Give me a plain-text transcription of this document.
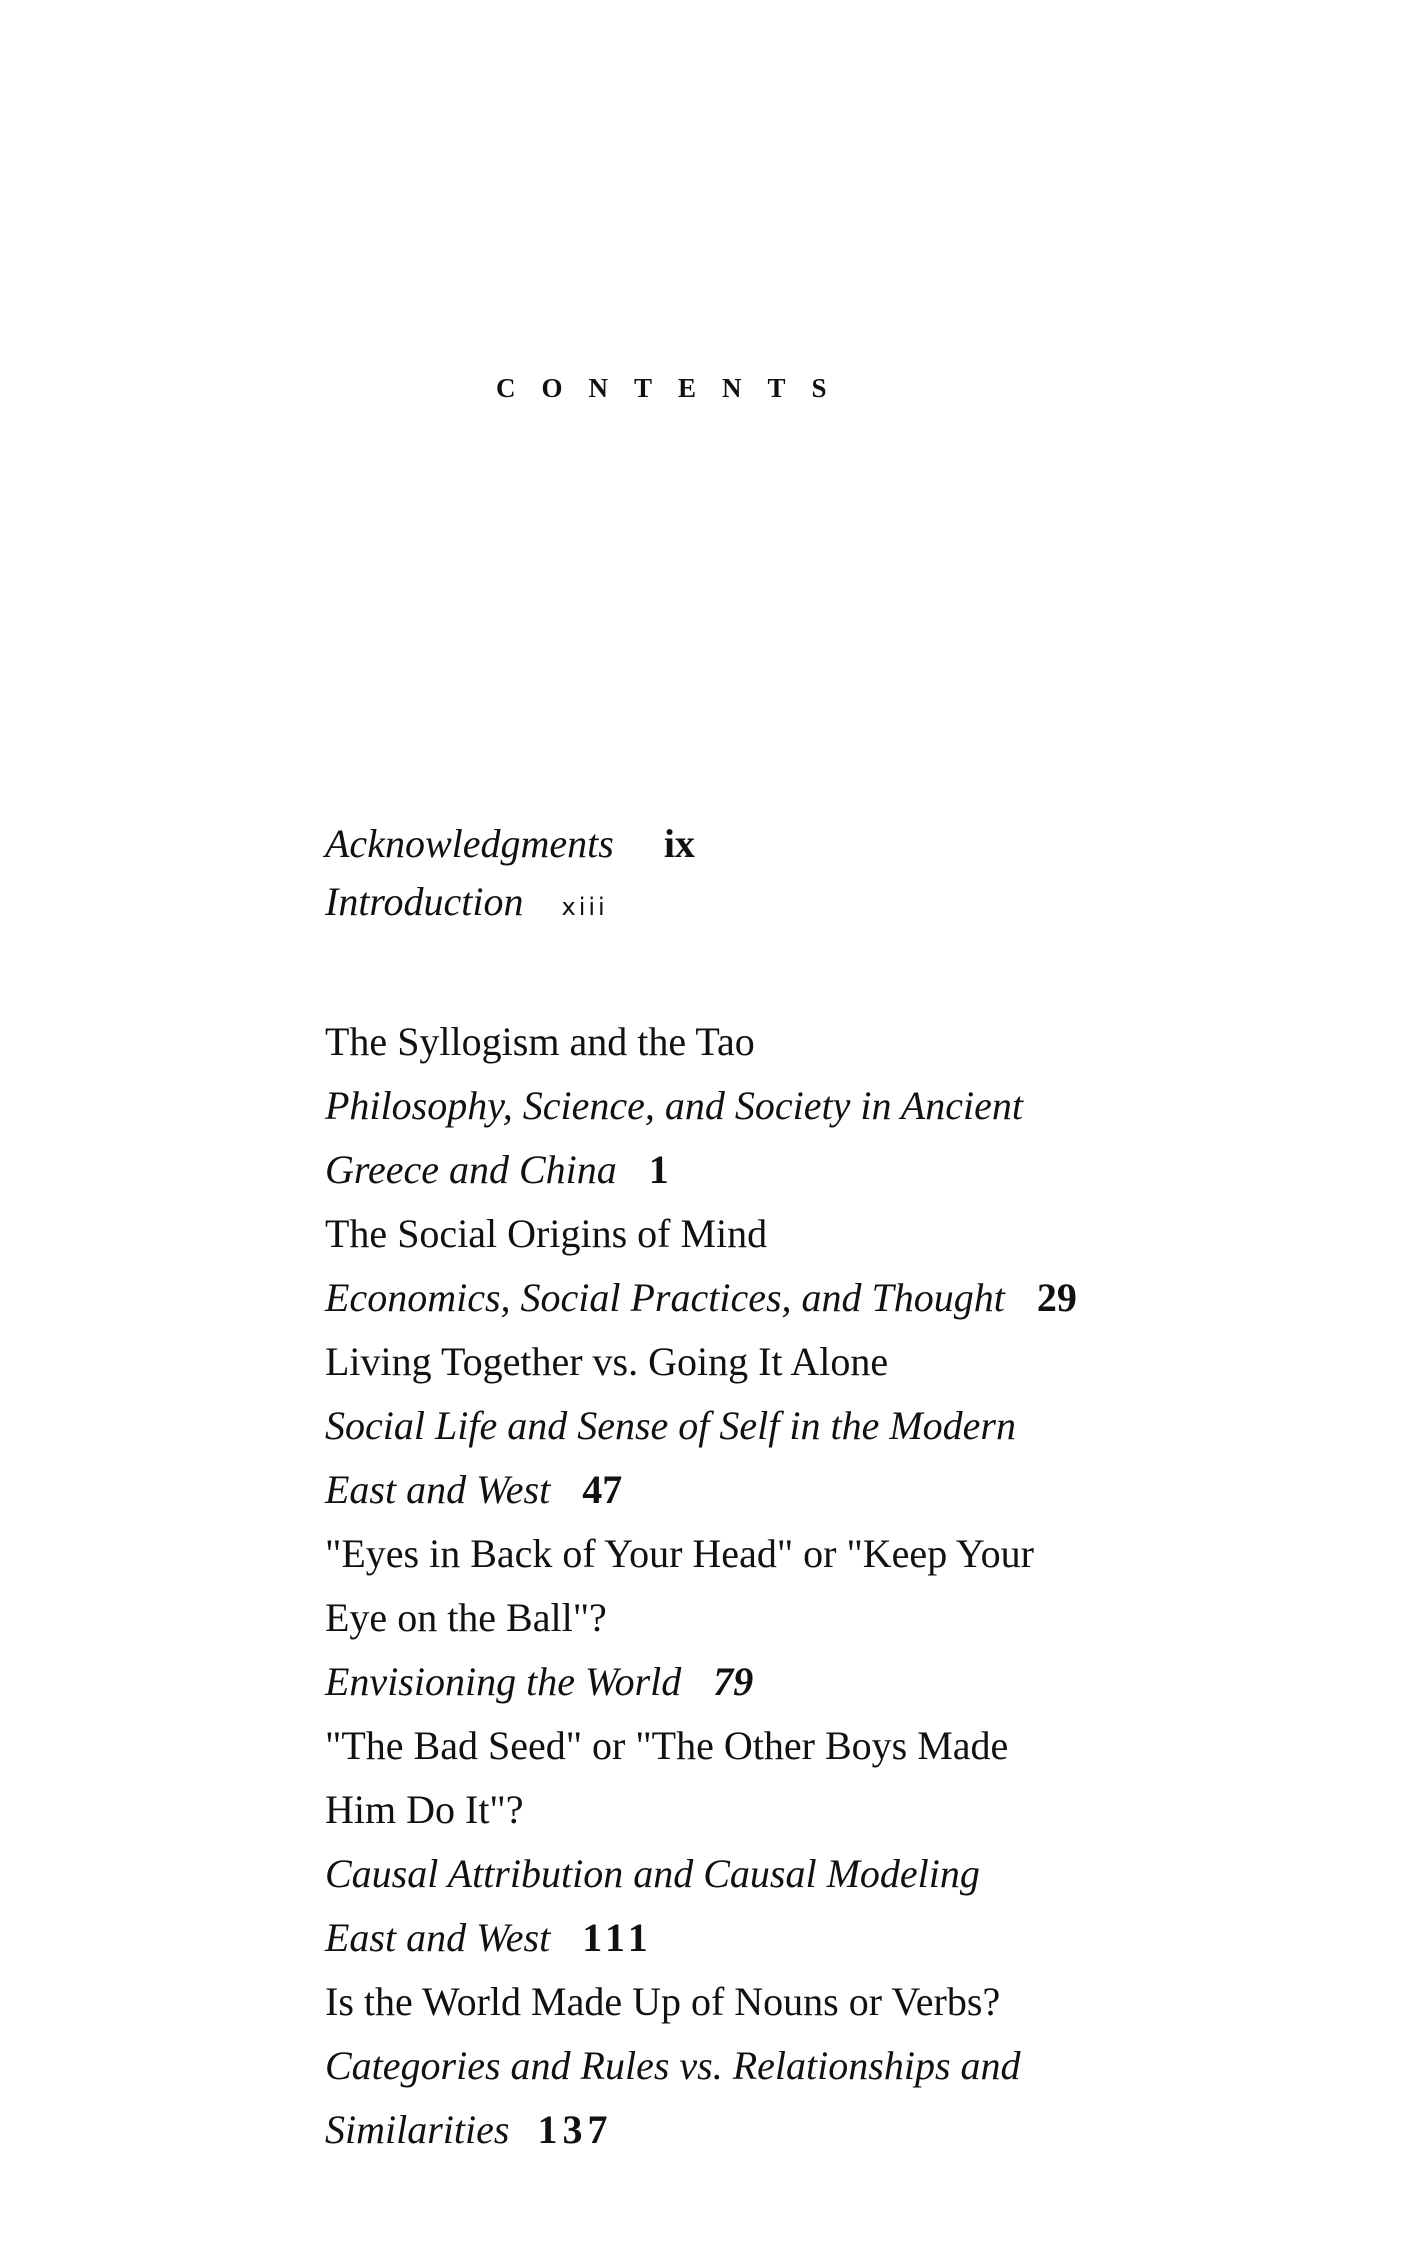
CONTENTS
Acknowledgments ix
Introduction xiii
The Syllogism and the Tao
Philosophy, Science, and Society in Ancient
Greece and China 1
The Social Origins of Mind
Economics, Social Practices, and Thought 29
Living Together vs. Going It Alone
Social Life and Sense of Self in the Modern
East and West 47
"Eyes in Back of Your Head" or "Keep Your
Eye on the Ball"?
Envisioning the World 79
"The Bad Seed" or "The Other Boys Made
Him Do It"?
Causal Attribution and Causal Modeling
East and West 111
Is the World Made Up of Nouns or Verbs?
Categories and Rules vs. Relationships and
Similarities 137
